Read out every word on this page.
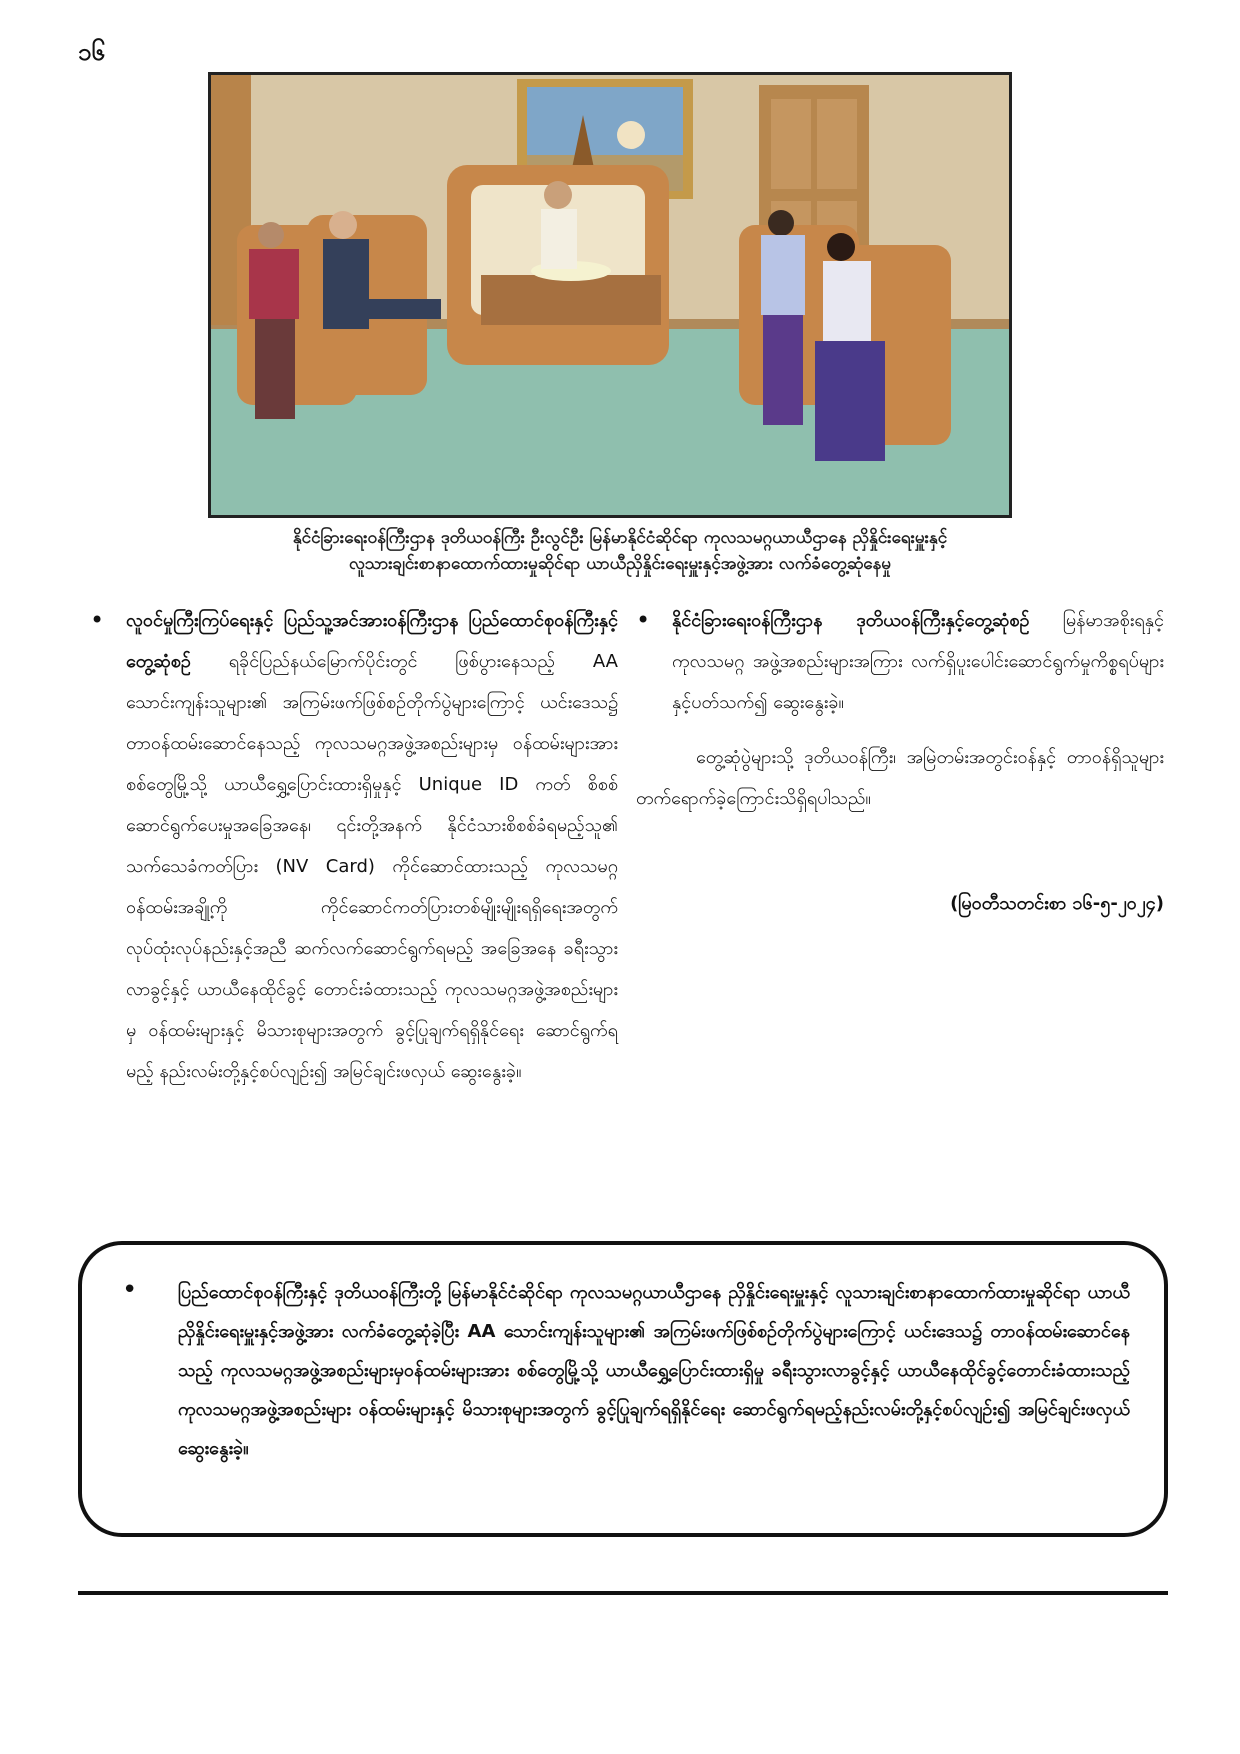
၁၆
နိုင်ငံခြားရေးဝန်ကြီးဌာန ဒုတိယဝန်ကြီး ဦးလွင်ဦး မြန်မာနိုင်ငံဆိုင်ရာ ကုလသမဂ္ဂယာယီဌာနေ ညှိနှိုင်းရေးမှူးနှင့်
လူသားချင်းစာနာထောက်ထားမှုဆိုင်ရာ ယာယီညှိနှိုင်းရေးမှူးနှင့်အဖွဲ့အား လက်ခံတွေ့ဆုံနေမှု
• လူဝင်မှုကြီးကြပ်ရေးနှင့် ပြည်သူ့အင်အားဝန်ကြီးဌာန ပြည်ထောင်စုဝန်ကြီးနှင့်တွေ့ဆုံစဉ် ရခိုင်ပြည်နယ်မြောက်ပိုင်းတွင် ဖြစ်ပွားနေသည့် AA သောင်းကျန်းသူများ၏ အကြမ်းဖက်ဖြစ်စဉ်တိုက်ပွဲများကြောင့် ယင်းဒေသ၌ တာဝန်ထမ်းဆောင်နေသည့် ကုလသမဂ္ဂအဖွဲ့အစည်းများမှ ဝန်ထမ်းများအား စစ်တွေမြို့သို့ ယာယီရွှေ့ပြောင်းထားရှိမှုနှင့် Unique ID ကတ် စိစစ်ဆောင်ရွက်ပေးမှုအခြေအနေ၊ ၎င်းတို့အနက် နိုင်ငံသားစိစစ်ခံရမည့်သူ၏ သက်သေခံကတ်ပြား (NV Card) ကိုင်ဆောင်ထားသည့် ကုလသမဂ္ဂဝန်ထမ်းအချို့ကို ကိုင်ဆောင်ကတ်ပြားတစ်မျိုးမျိုးရရှိရေးအတွက် လုပ်ထုံးလုပ်နည်းနှင့်အညီ ဆက်လက်ဆောင်ရွက်ရမည့် အခြေအနေ ခရီးသွားလာခွင့်နှင့် ယာယီနေထိုင်ခွင့် တောင်းခံထားသည့် ကုလသမဂ္ဂအဖွဲ့အစည်းများမှ ဝန်ထမ်းများနှင့် မိသားစုများအတွက် ခွင့်ပြုချက်ရရှိနိုင်ရေး ဆောင်ရွက်ရမည့် နည်းလမ်းတို့နှင့်စပ်လျဉ်း၍ အမြင်ချင်းဖလှယ် ဆွေးနွေးခဲ့။
• နိုင်ငံခြားရေးဝန်ကြီးဌာန ဒုတိယဝန်ကြီးနှင့်တွေ့ဆုံစဉ် မြန်မာအစိုးရနှင့် ကုလသမဂ္ဂ အဖွဲ့အစည်းများအကြား လက်ရှိပူးပေါင်းဆောင်ရွက်မှုကိစ္စရပ်များနှင့်ပတ်သက်၍ ဆွေးနွေးခဲ့။
တွေ့ဆုံပွဲများသို့ ဒုတိယဝန်ကြီး၊ အမြဲတမ်းအတွင်းဝန်နှင့် တာဝန်ရှိသူများ တက်ရောက်ခဲ့ကြောင်းသိရှိရပါသည်။
(မြဝတီသတင်းစာ ၁၆-၅-၂၀၂၄)
• ပြည်ထောင်စုဝန်ကြီးနှင့် ဒုတိယဝန်ကြီးတို့ မြန်မာနိုင်ငံဆိုင်ရာ ကုလသမဂ္ဂယာယီဌာနေ ညှိနှိုင်းရေးမှူးနှင့် လူသားချင်းစာနာထောက်ထားမှုဆိုင်ရာ ယာယီညှိနှိုင်းရေးမှူးနှင့်အဖွဲ့အား လက်ခံတွေ့ဆုံခဲ့ပြီး AA သောင်းကျန်းသူများ၏ အကြမ်းဖက်ဖြစ်စဉ်တိုက်ပွဲများကြောင့် ယင်းဒေသ၌ တာဝန်ထမ်းဆောင်နေသည့် ကုလသမဂ္ဂအဖွဲ့အစည်းများမှဝန်ထမ်းများအား စစ်တွေမြို့သို့ ယာယီရွှေ့ပြောင်းထားရှိမှု ခရီးသွားလာခွင့်နှင့် ယာယီနေထိုင်ခွင့်တောင်းခံထားသည့် ကုလသမဂ္ဂအဖွဲ့အစည်းများ ဝန်ထမ်းများနှင့် မိသားစုများအတွက် ခွင့်ပြုချက်ရရှိနိုင်ရေး ဆောင်ရွက်ရမည့်နည်းလမ်းတို့နှင့်စပ်လျဉ်း၍ အမြင်ချင်းဖလှယ် ဆွေးနွေးခဲ့။
